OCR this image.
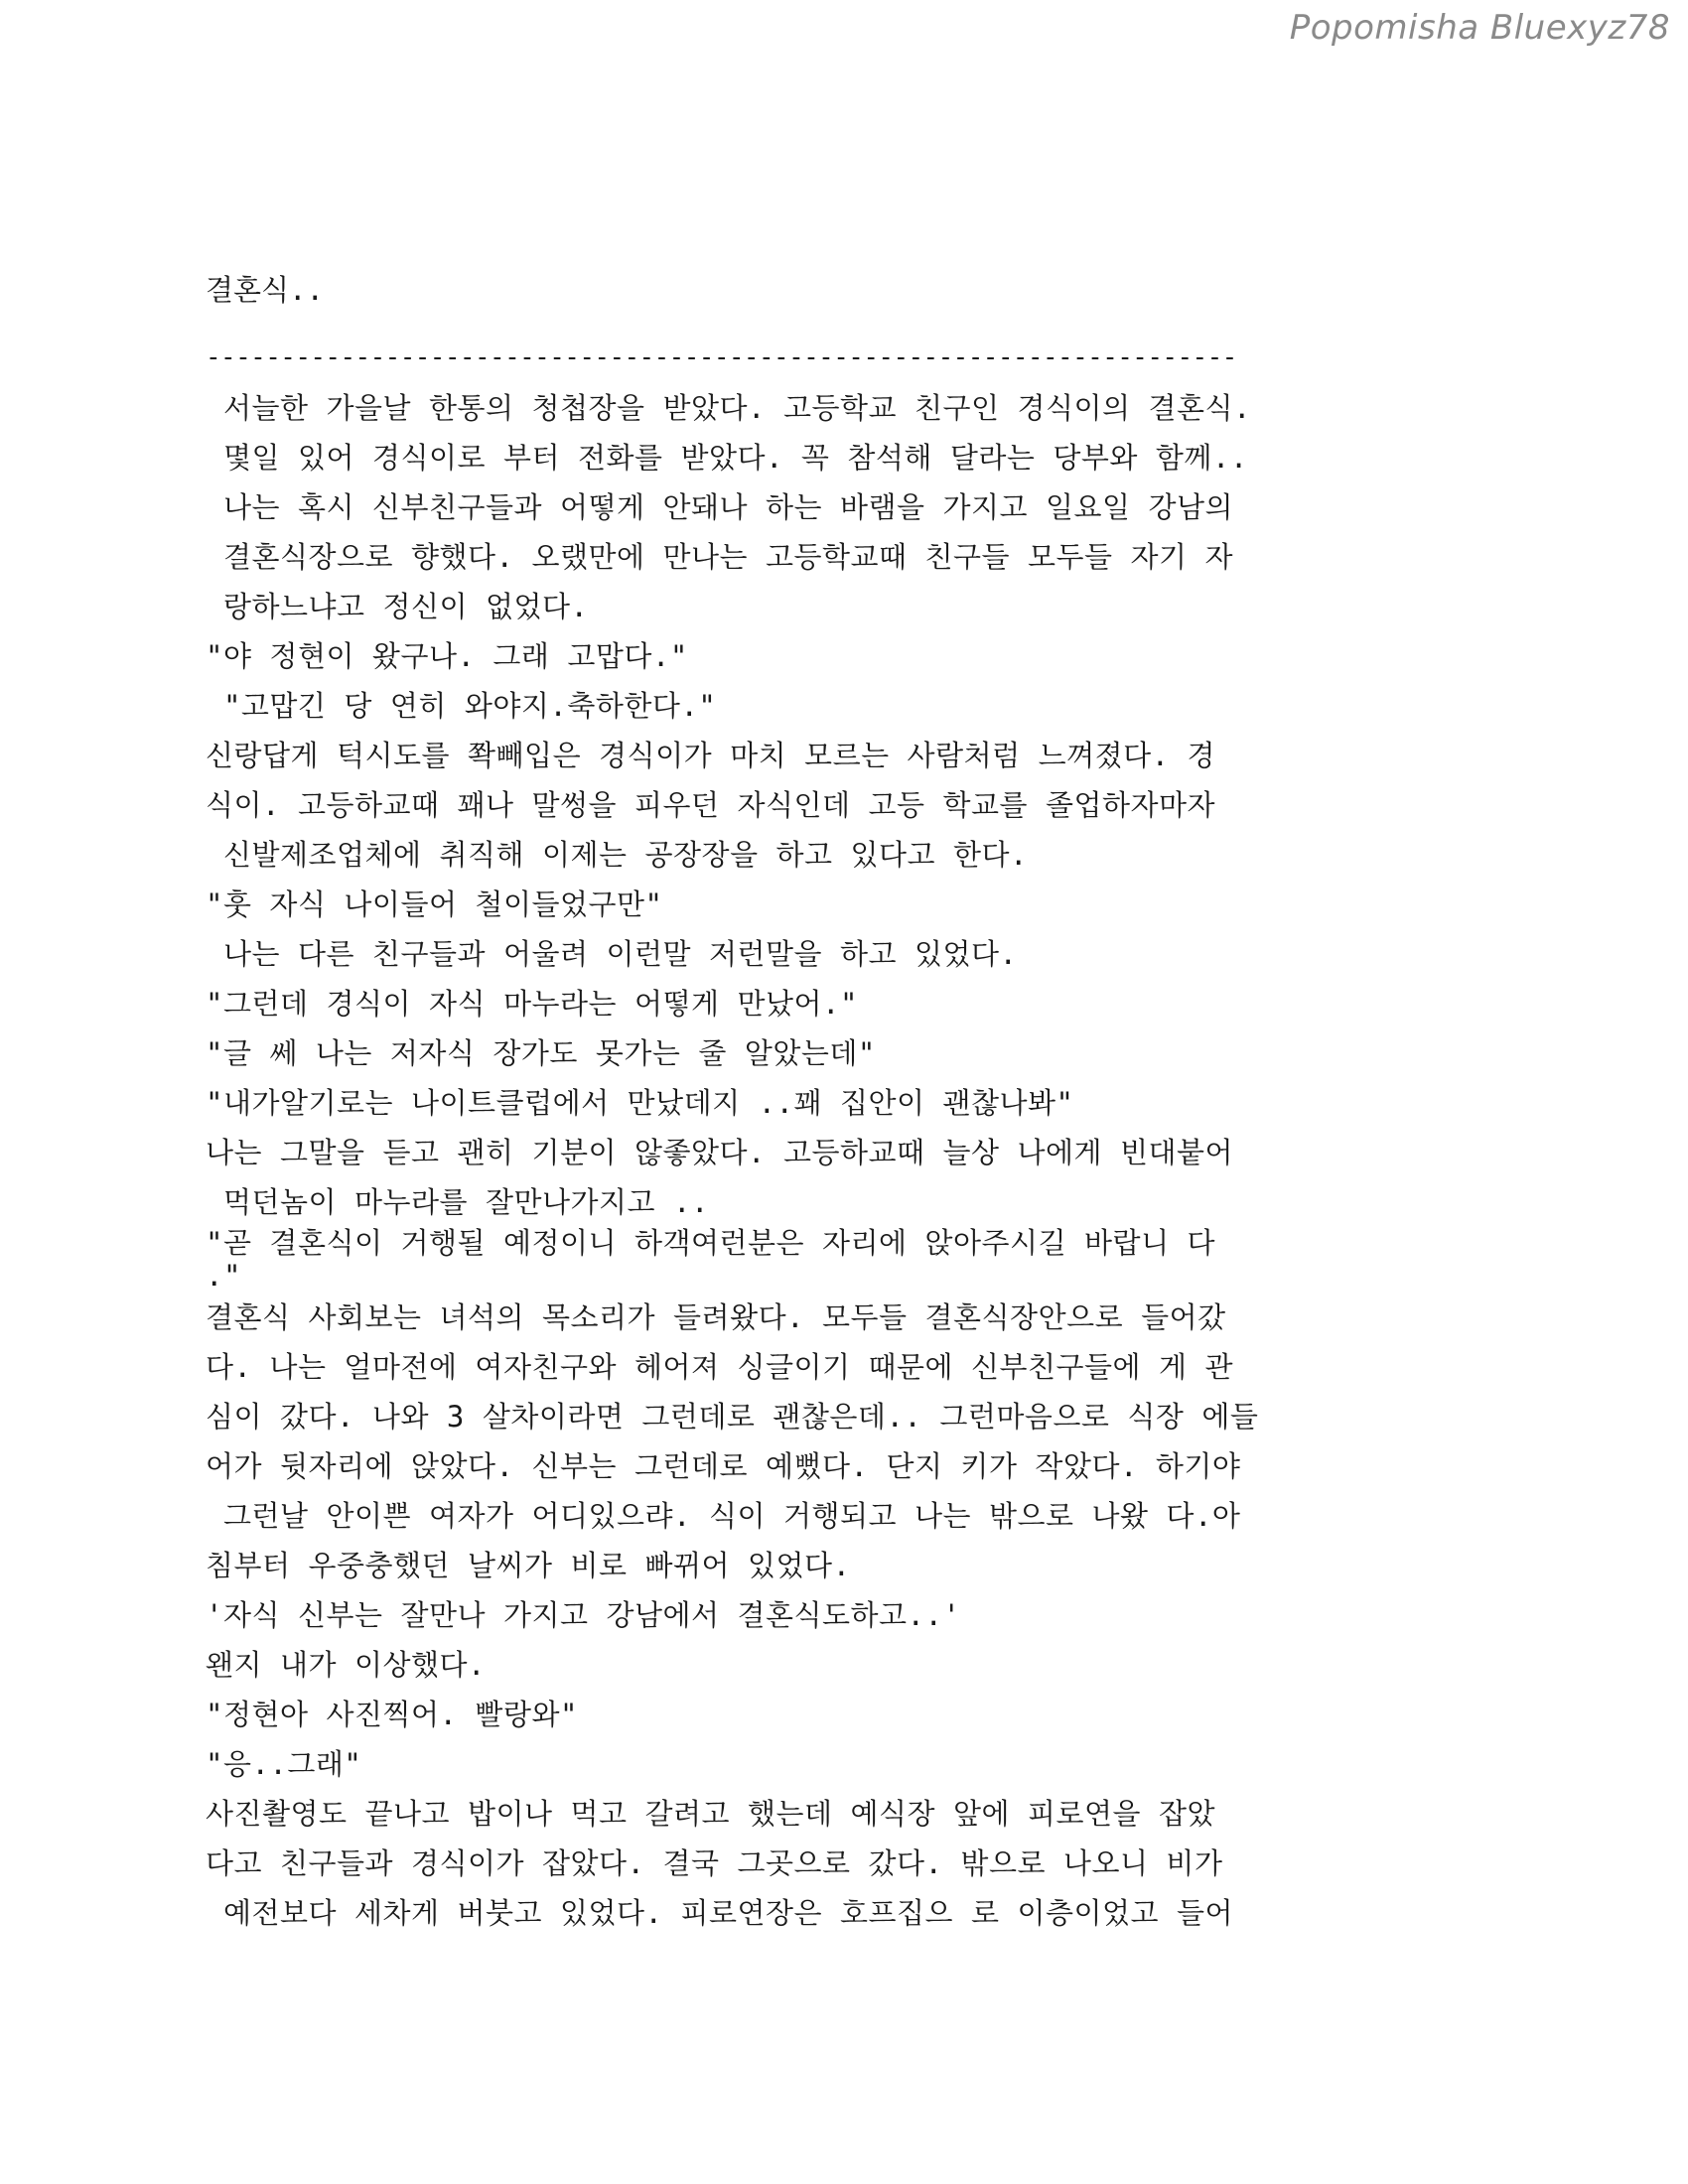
Popomisha Bluexyz78
결혼식..
---------------------------------------------------------------------
서늘한 가을날 한통의 청첩장을 받았다. 고등학교 친구인 경식이의 결혼식.
몇일 있어 경식이로 부터 전화를 받았다. 꼭 참석해 달라는 당부와 함께..
나는 혹시 신부친구들과 어떻게 안돼나 하는 바램을 가지고 일요일 강남의
결혼식장으로 향했다. 오랬만에 만나는 고등학교때 친구들 모두들 자기 자
랑하느냐고 정신이 없었다.
"야 정현이 왔구나. 그래 고맙다."
"고맙긴 당 연히 와야지.축하한다."
신랑답게 턱시도를 쫙빼입은 경식이가 마치 모르는 사람처럼 느껴졌다. 경
식이. 고등하교때 꽤나 말썽을 피우던 자식인데 고등 학교를 졸업하자마자
신발제조업체에 취직해 이제는 공장장을 하고 있다고 한다.
"훗 자식 나이들어 철이들었구만"
나는 다른 친구들과 어울려 이런말 저런말을 하고 있었다.
"그런데 경식이 자식 마누라는 어떻게 만났어."
"글 쎄 나는 저자식 장가도 못가는 줄 알았는데"
"내가알기로는 나이트클럽에서 만났데지 ..꽤 집안이 괜찮나봐"
나는 그말을 듣고 괜히 기분이 않좋았다. 고등하교때 늘상 나에게 빈대붙어
먹던놈이 마누라를 잘만나가지고 ..
"곧 결혼식이 거행될 예정이니 하객여런분은 자리에 앉아주시길 바랍니 다
."
결혼식 사회보는 녀석의 목소리가 들려왔다. 모두들 결혼식장안으로 들어갔
다. 나는 얼마전에 여자친구와 헤어져 싱글이기 때문에 신부친구들에 게 관
심이 갔다. 나와 3 살차이라면 그런데로 괜찮은데.. 그런마음으로 식장 에들
어가 뒷자리에 앉았다. 신부는 그런데로 예뻤다. 단지 키가 작았다. 하기야
그런날 안이쁜 여자가 어디있으랴. 식이 거행되고 나는 밖으로 나왔 다.아
침부터 우중충했던 날씨가 비로 빠뀌어 있었다.
'자식 신부는 잘만나 가지고 강남에서 결혼식도하고..'
왠지 내가 이상했다.
"정현아 사진찍어. 빨랑와"
"응..그래"
사진촬영도 끝나고 밥이나 먹고 갈려고 했는데 예식장 앞에 피로연을 잡았
다고 친구들과 경식이가 잡았다. 결국 그곳으로 갔다. 밖으로 나오니 비가
예전보다 세차게 버붓고 있었다. 피로연장은 호프집으 로 이층이었고 들어
